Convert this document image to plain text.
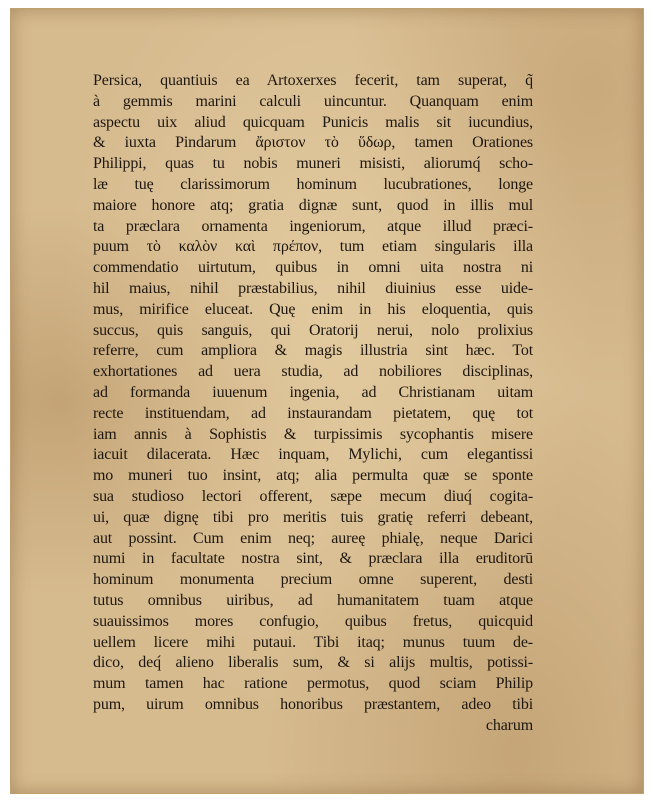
Persica, quantiuis ea Artoxerxes fecerit, tam superat, q̃
à gemmis marini calculi uincuntur. Quanquam enim
aspectu uix aliud quicquam Punicis malis sit iucundius,
& iuxta Pindarum ἄριστον τὸ ὕδωρ, tamen Orationes
Philippi, quas tu nobis muneri misisti, aliorumq́ scho-
læ tuę clarissimorum hominum lucubrationes, longe
maiore honore atq; gratia dignæ sunt, quod in illis mul
ta præclara ornamenta ingeniorum, atque illud præci-
puum τὸ καλὸν καὶ πρέπον, tum etiam singularis illa
commendatio uirtutum, quibus in omni uita nostra ni
hil maius, nihil præstabilius, nihil diuinius esse uide-
mus, mirifice eluceat. Quę enim in his eloquentia, quis
succus, quis sanguis, qui Oratorij nerui, nolo prolixius
referre, cum ampliora & magis illustria sint hæc. Tot
exhortationes ad uera studia, ad nobiliores disciplinas,
ad formanda iuuenum ingenia, ad Christianam uitam
recte instituendam, ad instaurandam pietatem, quę tot
iam annis à Sophistis & turpissimis sycophantis misere
iacuit dilacerata. Hæc inquam, Mylichi, cum elegantissi
mo muneri tuo insint, atq; alia permulta quæ se sponte
sua studioso lectori offerent, sæpe mecum diuq́ cogita-
ui, quæ dignę tibi pro meritis tuis gratię referri debeant,
aut possint. Cum enim neq; aureę phialę, neque Darici
numi in facultate nostra sint, & præclara illa eruditorū
hominum monumenta precium omne superent, desti
tutus omnibus uiribus, ad humanitatem tuam atque
suauissimos mores confugio, quibus fretus, quicquid
uellem licere mihi putaui. Tibi itaq; munus tuum de-
dico, deq́ alieno liberalis sum, & si alijs multis, potissi-
mum tamen hac ratione permotus, quod sciam Philip
pum, uirum omnibus honoribus præstantem, adeo tibi
charum
